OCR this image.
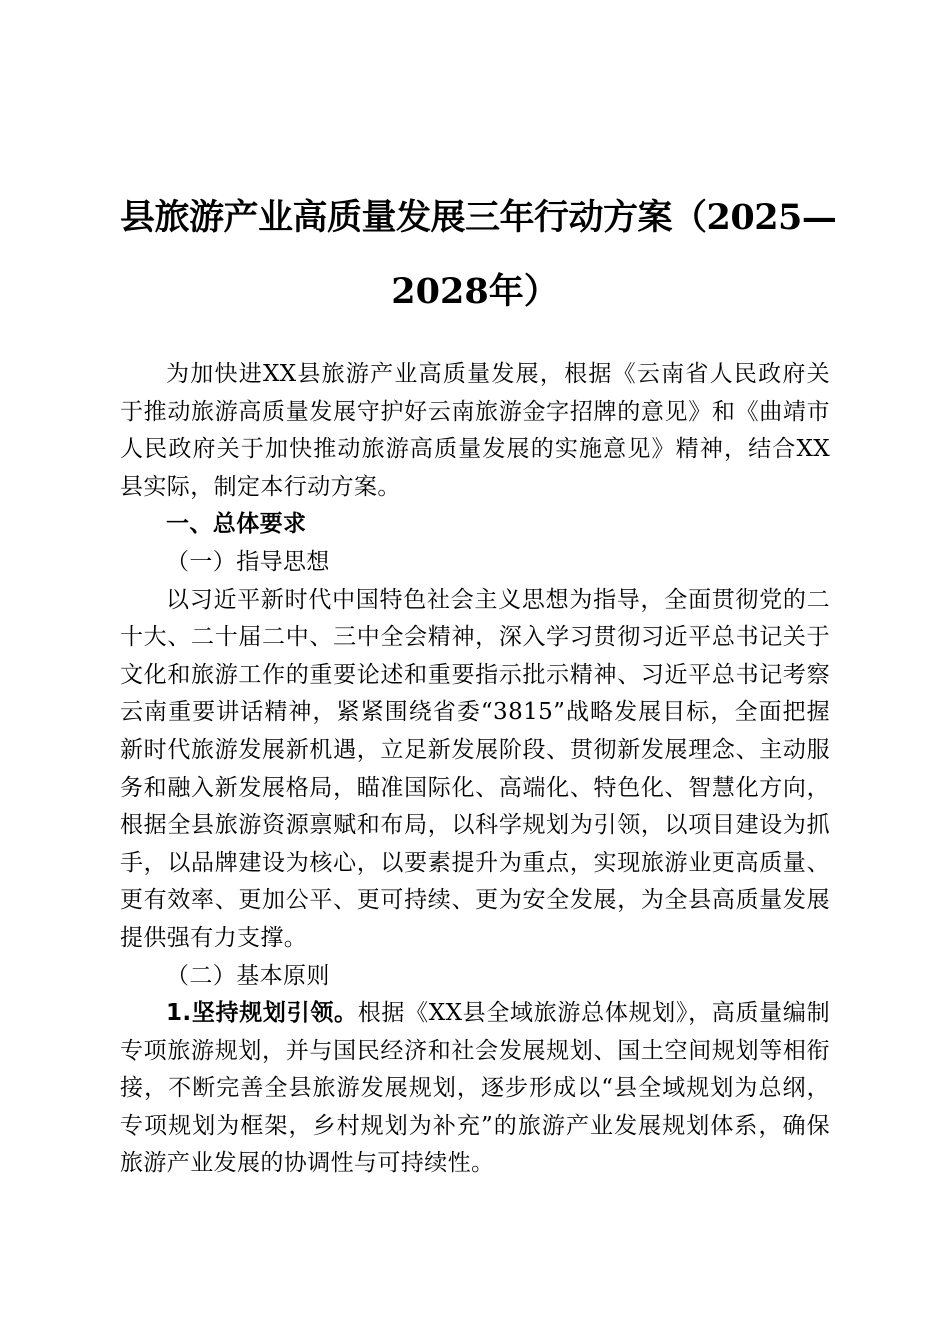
县旅游产业高质量发展三年行动方案（2025—
2028年）

为加快进XX县旅游产业高质量发展，根据《云南省人民政府关于推动旅游高质量发展守护好云南旅游金字招牌的意见》和《曲靖市人民政府关于加快推动旅游高质量发展的实施意见》精神，结合XX县实际，制定本行动方案。

一、总体要求

（一）指导思想

以习近平新时代中国特色社会主义思想为指导，全面贯彻党的二十大、二十届二中、三中全会精神，深入学习贯彻习近平总书记关于文化和旅游工作的重要论述和重要指示批示精神、习近平总书记考察云南重要讲话精神，紧紧围绕省委“3815”战略发展目标，全面把握新时代旅游发展新机遇，立足新发展阶段、贯彻新发展理念、主动服务和融入新发展格局，瞄准国际化、高端化、特色化、智慧化方向，根据全县旅游资源禀赋和布局，以科学规划为引领，以项目建设为抓手，以品牌建设为核心，以要素提升为重点，实现旅游业更高质量、更有效率、更加公平、更可持续、更为安全发展，为全县高质量发展提供强有力支撑。

（二）基本原则

1.坚持规划引领。根据《XX县全域旅游总体规划》，高质量编制专项旅游规划，并与国民经济和社会发展规划、国土空间规划等相衔接，不断完善全县旅游发展规划，逐步形成以“县全域规划为总纲，专项规划为框架，乡村规划为补充”的旅游产业发展规划体系，确保旅游产业发展的协调性与可持续性。
